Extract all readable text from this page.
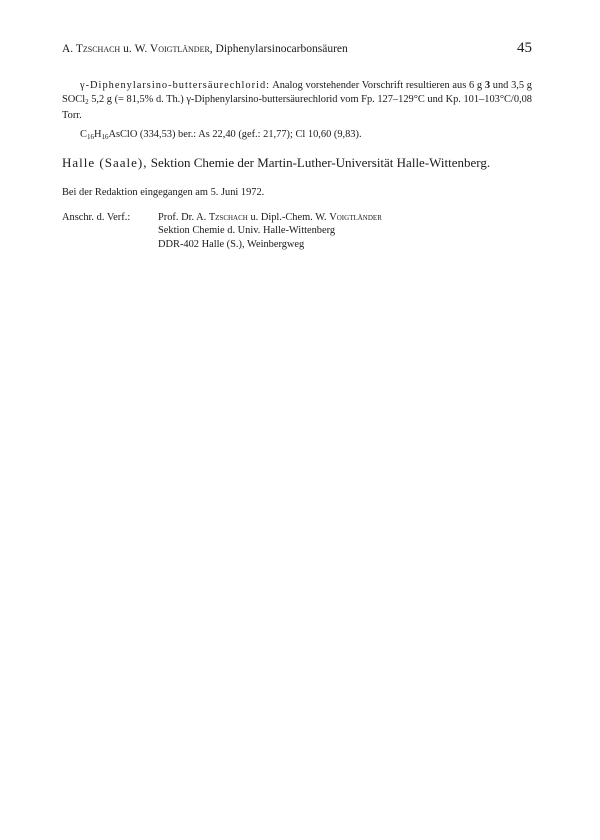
A. Tzschach u. W. Voigtländer, Diphenylarsinocarbonsäuren	45
γ-Diphenylarsino-buttersäurechlorid: Analog vorstehender Vorschrift resultieren aus 6 g 3 und 3,5 g SOCl$_2$ 5,2 g (= 81,5% d. Th.) γ-Diphenylarsino-buttersäurechlorid vom Fp. 127–129°C und Kp. 101–103°C/0,08 Torr.
$C_{16}H_{16}AsClO$ (334,53) ber.: As 22,40 (gef.: 21,77); Cl 10,60 (9,83).
Halle (Saale), Sektion Chemie der Martin-Luther-Universität Halle-Wittenberg.
Bei der Redaktion eingegangen am 5. Juni 1972.
Anschr. d. Verf.:	Prof. Dr. A. Tzschach u. Dipl.-Chem. W. Voigtländer
Sektion Chemie d. Univ. Halle-Wittenberg
DDR-402 Halle (S.), Weinbergweg
